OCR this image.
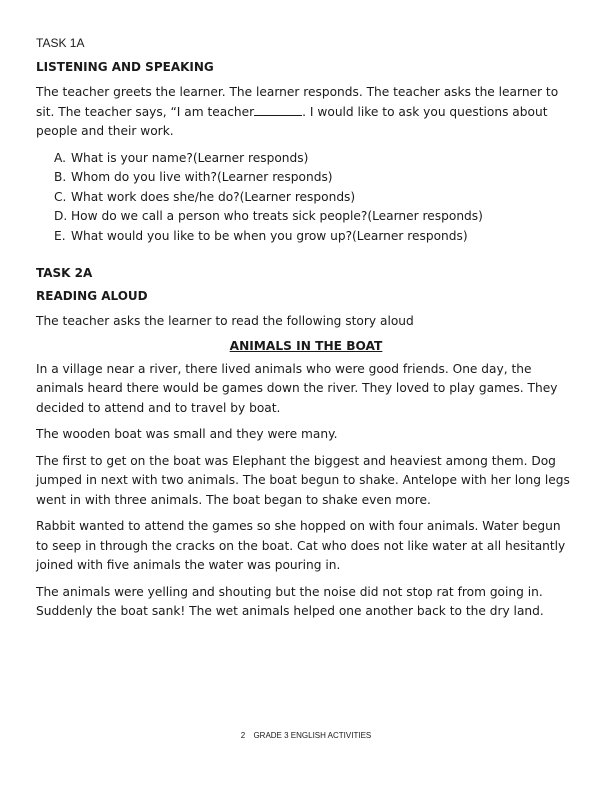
TASK 1A

LISTENING AND SPEAKING

The teacher greets the learner. The learner responds. The teacher asks the learner to sit. The teacher says, “I am teacher	. I would like to ask you questions about people and their work.

A. What is your name?(Learner responds)
B. Whom do you live with?(Learner responds)
C. What work does she/he do?(Learner responds)
D. How do we call a person who treats sick people?(Learner responds)
E. What would you like to be when you grow up?(Learner responds)

TASK 2A

READING ALOUD

The teacher asks the learner to read the following story aloud

ANIMALS IN THE BOAT

In a village near a river, there lived animals who were good friends. One day, the animals heard there would be games down the river. They loved to play games. They decided to attend and to travel by boat.

The wooden boat was small and they were many.

The first to get on the boat was Elephant the biggest and heaviest among them. Dog jumped in next with two animals. The boat begun to shake. Antelope with her long legs went in with three animals. The boat began to shake even more.

Rabbit wanted to attend the games so she hopped on with four animals. Water begun to seep in through the cracks on the boat. Cat who does not like water at all hesitantly joined with five animals the water was pouring in.

The animals were yelling and shouting but the noise did not stop rat from going in. Suddenly the boat sank! The wet animals helped one another back to the dry land.

2 GRADE 3 ENGLISH ACTIVITIES
